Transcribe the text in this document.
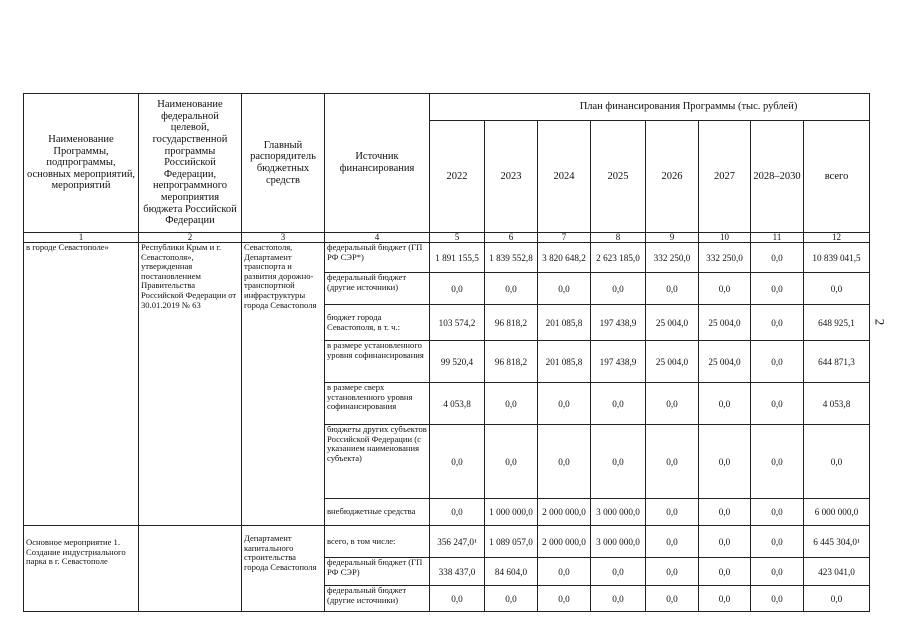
Наименование Программы, подпрограммы, основных мероприятий, мероприятий	Наименование федеральной целевой, государственной программы Российской Федерации, непрограммного мероприятия бюджета Российской Федерации	Главный распорядитель бюджетных средств	Источник финансирования	План финансирования Программы (тыс. рублей)							
				2022	2023	2024	2025	2026	2027	2028–2030	всего
1	2	3	4	5	6	7	8	9	10	11	12
в городе Севастополе»	Республики Крым и г. Севастополя», утвержденная постановлением Правительства Российской Федерации от 30.01.2019 № 63	Севастополя, Департамент транспорта и развития дорожно-транспортной инфраструктуры города Севастополя	федеральный бюджет (ГП РФ СЭР*)	1 891 155,5	1 839 552,8	3 820 648,2	2 623 185,0	332 250,0	332 250,0	0,0	10 839 041,5
			федеральный бюджет (другие источники)	0,0	0,0	0,0	0,0	0,0	0,0	0,0	0,0
			бюджет города Севастополя, в т. ч.:	103 574,2	96 818,2	201 085,8	197 438,9	25 004,0	25 004,0	0,0	648 925,1
			в размере установленного уровня софинансирования	99 520,4	96 818,2	201 085,8	197 438,9	25 004,0	25 004,0	0,0	644 871,3
			в размере сверх установленного уровня софинансирования	4 053,8	0,0	0,0	0,0	0,0	0,0	0,0	4 053,8
			бюджеты других субъектов Российской Федерации (с указанием наименования субъекта)	0,0	0,0	0,0	0,0	0,0	0,0	0,0	0,0
			внебюджетные средства	0,0	1 000 000,0	2 000 000,0	3 000 000,0	0,0	0,0	0,0	6 000 000,0
Основное мероприятие 1. Создание индустриального парка в г. Севастополе		Департамент капитального строительства города Севастополя	всего, в том числе:	356 247,0¹	1 089 057,0	2 000 000,0	3 000 000,0	0,0	0,0	0,0	6 445 304,0¹
			федеральный бюджет (ГП РФ СЭР)	338 437,0	84 604,0	0,0	0,0	0,0	0,0	0,0	423 041,0
			федеральный бюджет (другие источники)	0,0	0,0	0,0	0,0	0,0	0,0	0,0	0,0
2
